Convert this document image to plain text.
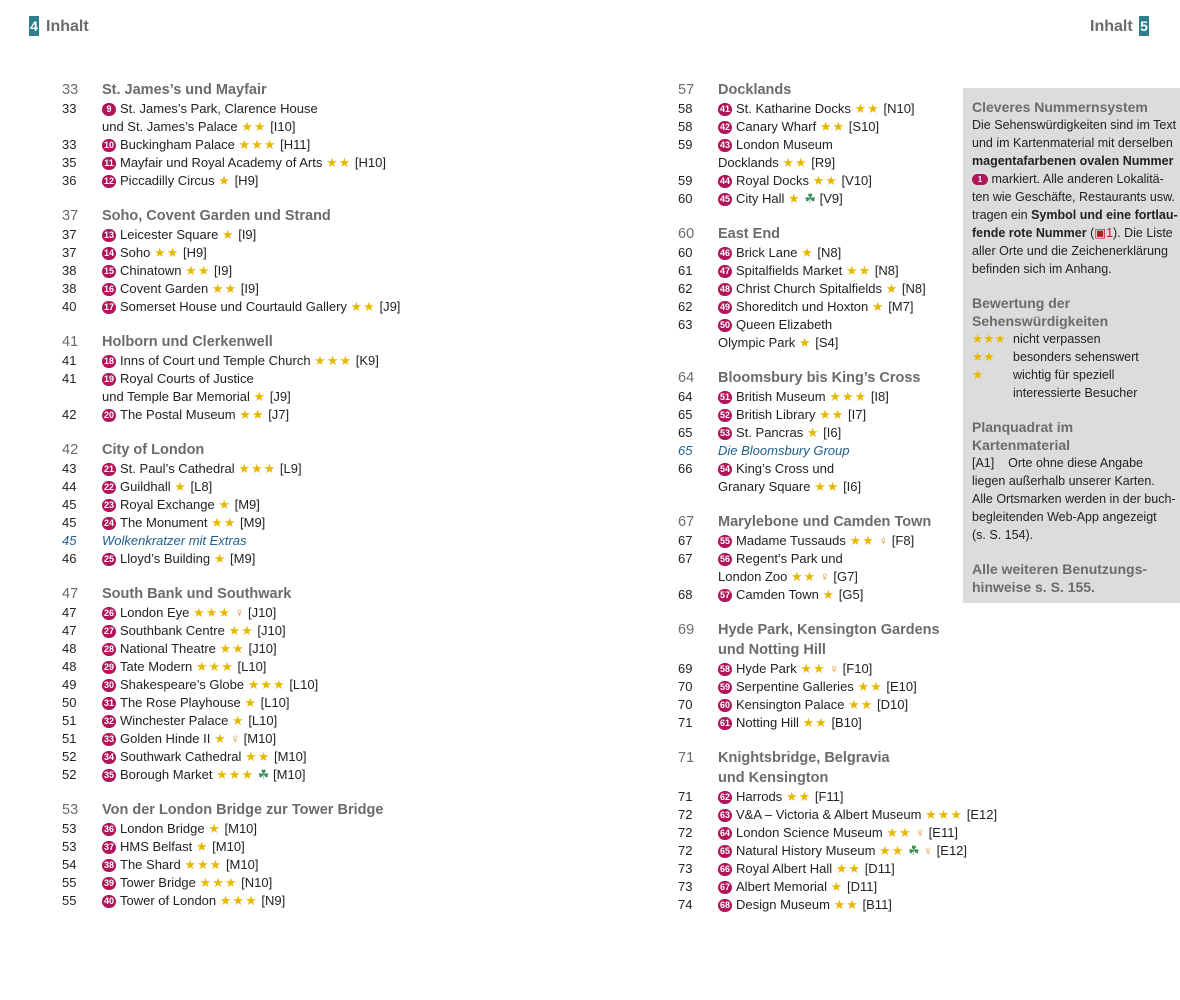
4 Inhalt	Inhalt 5
33	St. James’s und Mayfair
33	9 St. James’s Park, Clarence House
und St. James’s Palace ★★ [I10]
33	10 Buckingham Palace ★★★ [H11]
35	11 Mayfair und Royal Academy of Arts ★★ [H10]
36	12 Piccadilly Circus ★ [H9]
37	Soho, Covent Garden und Strand
37	13 Leicester Square ★ [I9]
37	14 Soho ★★ [H9]
38	15 Chinatown ★★ [I9]
38	16 Covent Garden ★★ [I9]
40	17 Somerset House und Courtauld Gallery ★★ [J9]
41	Holborn und Clerkenwell
41	18 Inns of Court und Temple Church ★★★ [K9]
41	19 Royal Courts of Justice
und Temple Bar Memorial ★ [J9]
42	20 The Postal Museum ★★ [J7]
42	City of London
43	21 St. Paul’s Cathedral ★★★ [L9]
44	22 Guildhall ★ [L8]
45	23 Royal Exchange ★ [M9]
45	24 The Monument ★★ [M9]
45	Wolkenkratzer mit Extras
46	25 Lloyd’s Building ★ [M9]
47	South Bank und Southwark
47	26 London Eye ★★★ ♀ [J10]
47	27 Southbank Centre ★★ [J10]
48	28 National Theatre ★★ [J10]
48	29 Tate Modern ★★★ [L10]
49	30 Shakespeare’s Globe ★★★ [L10]
50	31 The Rose Playhouse ★ [L10]
51	32 Winchester Palace ★ [L10]
51	33 Golden Hinde II ★ ♀ [M10]
52	34 Southwark Cathedral ★★ [M10]
52	35 Borough Market ★★★ ☘ [M10]
53	Von der London Bridge zur Tower Bridge
53	36 London Bridge ★ [M10]
53	37 HMS Belfast ★ [M10]
54	38 The Shard ★★★ [M10]
55	39 Tower Bridge ★★★ [N10]
55	40 Tower of London ★★★ [N9]
57	Docklands
58	41 St. Katharine Docks ★★ [N10]
58	42 Canary Wharf ★★ [S10]
59	43 London Museum
Docklands ★★ [R9]
59	44 Royal Docks ★★ [V10]
60	45 City Hall ★ ☘ [V9]
60	East End
60	46 Brick Lane ★ [N8]
61	47 Spitalfields Market ★★ [N8]
62	48 Christ Church Spitalfields ★ [N8]
62	49 Shoreditch und Hoxton ★ [M7]
63	50 Queen Elizabeth
Olympic Park ★ [S4]
64	Bloomsbury bis King’s Cross
64	51 British Museum ★★★ [I8]
65	52 British Library ★★ [I7]
65	53 St. Pancras ★ [I6]
65	Die Bloomsbury Group
66	54 King’s Cross und
Granary Square ★★ [I6]
67	Marylebone und Camden Town
67	55 Madame Tussauds ★★ ♀ [F8]
67	56 Regent’s Park und
London Zoo ★★ ♀ [G7]
68	57 Camden Town ★ [G5]
69	Hyde Park, Kensington Gardens
und Notting Hill
69	58 Hyde Park ★★ ♀ [F10]
70	59 Serpentine Galleries ★★ [E10]
70	60 Kensington Palace ★★ [D10]
71	61 Notting Hill ★★ [B10]
71	Knightsbridge, Belgravia
und Kensington
71	62 Harrods ★★ [F11]
72	63 V&A – Victoria & Albert Museum ★★★ [E12]
72	64 London Science Museum ★★ ♀ [E11]
72	65 Natural History Museum ★★ ☘ ♀ [E12]
73	66 Royal Albert Hall ★★ [D11]
73	67 Albert Memorial ★ [D11]
74	68 Design Museum ★★ [B11]
Cleveres Nummernsystem
Die Sehenswürdigkeiten sind im Text
und im Kartenmaterial mit derselben
magentafarbenen ovalen Nummer
1 markiert. Alle anderen Lokalitä-
ten wie Geschäfte, Restaurants usw.
tragen ein Symbol und eine fortlau-
fende rote Nummer (▣1). Die Liste
aller Orte und die Zeichenerklärung
befinden sich im Anhang.
Bewertung der
Sehenswürdigkeiten
★★★ nicht verpassen
★★	besonders sehenswert
★	wichtig für speziell
interessierte Besucher
Planquadrat im Kartenmaterial
[A1] Orte ohne diese Angabe
liegen außerhalb unserer Karten.
Alle Ortsmarken werden in der buch-
begleitenden Web-App angezeigt
(s. S. 154).
Alle weiteren Benutzungs-
hinweise s. S. 155.
